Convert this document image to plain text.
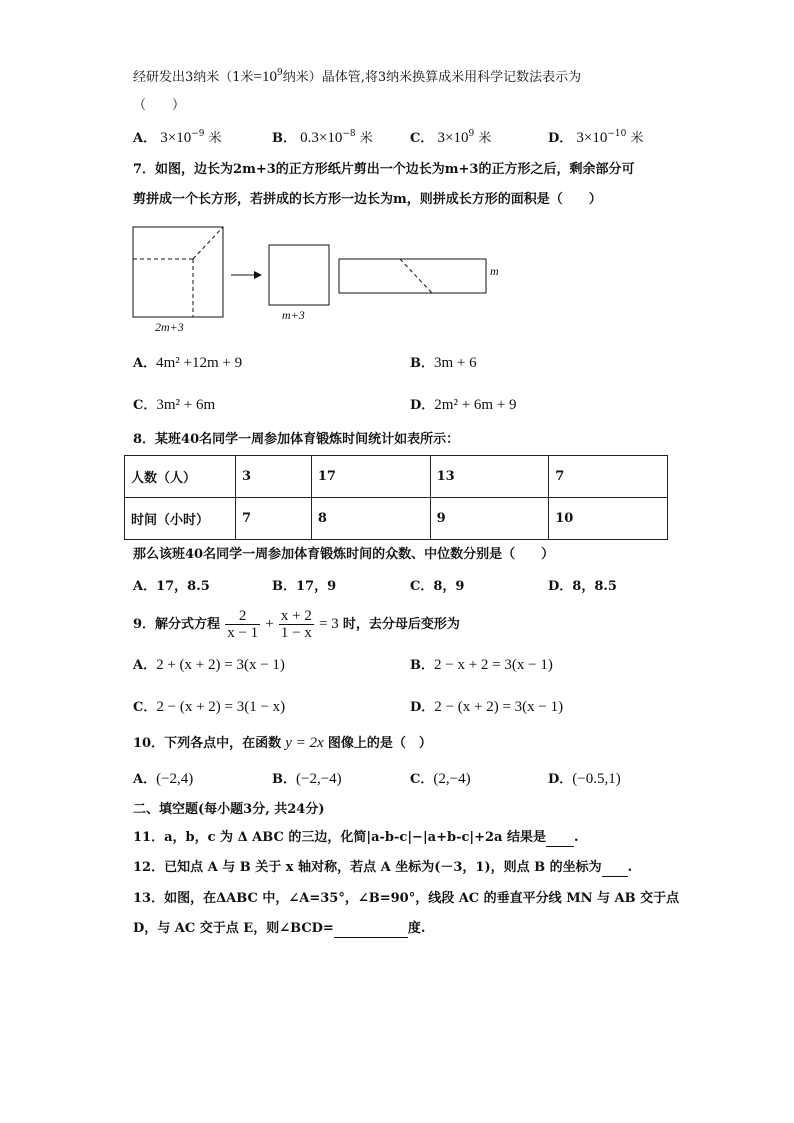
经研发出3纳米（1米$=10^9$纳米）晶体管,将3纳米换算成米用科学记数法表示为
（　　）
A． $3\times 10^{-9}$ 米	B． $0.3\times 10^{-8}$ 米	C． $3\times 10^9$ 米	D． $3\times 10^{-10}$ 米
7．如图，边长为2m+3的正方形纸片剪出一个边长为m+3的正方形之后，剩余部分可
剪拼成一个长方形，若拼成的长方形一边长为m，则拼成长方形的面积是（　　）
2m+3
m+3
m
A．4m² +12m + 9	B．3m + 6
C．3m² + 6m	D．2m² + 6m + 9
8．某班40名同学一周参加体育锻炼时间统计如表所示：
人数（人）	3	17	13	7
时间（小时）	7	8	9	10
那么该班40名同学一周参加体育锻炼时间的众数、中位数分别是（　　）
A．17，8.5	B．17，9	C．8，9	D．8，8.5
9．解分式方程 $\frac{2}{x - 1} + \frac{x + 2}{1 - x} = 3$ 时，去分母后变形为
A．2 + (x + 2) = 3(x − 1)	B．2 − x + 2 = 3(x − 1)
C．2 − (x + 2) = 3(1 − x)	D．2 − (x + 2) = 3(x − 1)
10．下列各点中，在函数 y = 2x 图像上的是（　）
A．(−2,4)	B．(−2,−4)	C．(2,−4)	D．(−0.5,1)
二、填空题(每小题3分, 共24分)
11．a，b，c 为 Δ ABC 的三边，化简|a-b-c|−|a+b-c|+2a 结果是 .
12．已知点 A 与 B 关于 x 轴对称，若点 A 坐标为(－3，1)，则点 B 的坐标为 .
13．如图，在ΔABC 中，∠A=35°，∠B=90°，线段 AC 的垂直平分线 MN 与 AB 交于点
D，与 AC 交于点 E，则∠BCD=	度.
